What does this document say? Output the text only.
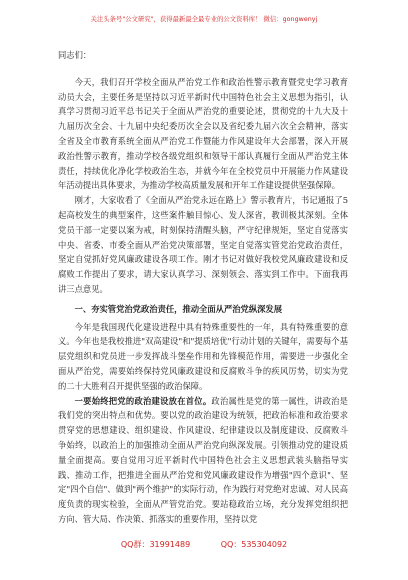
关注头条号"公文研究"，获得最新最全最专业的公文资料库！ 微信：gongwenyj

同志们：

今天，我们召开学校全面从严治党工作和政治性警示教育暨党史学习教育动员大会，主要任务是坚持以习近平新时代中国特色社会主义思想为指引，认真学习贯彻习近平总书记关于全面从严治党的重要论述，贯彻党的十九大及十九届历次全会、十九届中央纪委历次全会以及省纪委九届六次全会精神，落实全省及全市教育系统全面从严治党工作暨能力作风建设年大会部署，深入开展政治性警示教育，推动学校各级党组织和领导干部认真履行全面从严治党主体责任，持续优化净化学校政治生态，并就今年在全校党员中开展能力作风建设年活动提出具体要求，为推动学校高质量发展和开年工作建设提供坚强保障。

刚才，大家收看了《全面从严治党永远在路上》警示教育片，书记通报了5起高校发生的典型案件，这些案件触目惊心、发人深省，教训极其深刻。全体党员干部一定要以案为戒，时刻保持清醒头脑，严守纪律规矩，坚定自觉落实中央、省委、市委全面从严治党决策部署，坚定自觉落实管党治党政治责任，坚定自觉抓好党风廉政建设各项工作。刚才书记对做好我校党风廉政建设和反腐败工作提出了要求，请大家认真学习、深刻领会、落实到工作中。下面我再讲三点意见。

一、夯实管党治党政治责任，推动全面从严治党纵深发展

今年是我国现代化建设进程中具有特殊重要性的一年，具有特殊重要的意义。今年也是我校推进"双高建设"和"提质培优"行动计划的关键年，需要每个基层党组织和党员进一步发挥战斗堡垒作用和先锋模范作用，需要进一步强化全面从严治党，需要始终保持党风廉政建设和反腐败斗争的疾风厉势，切实为党的二十大胜利召开提供坚强的政治保障。

一要始终把党的政治建设放在首位。政治属性是党的第一属性，讲政治是我们党的突出特点和优势。要以党的政治建设为统领，把政治标准和政治要求贯穿党的思想建设、组织建设、作风建设、纪律建设以及制度建设、反腐败斗争始终，以政治上的加强推动全面从严治党向纵深发展。引领推动党的建设质量全面提高。要自觉用习近平新时代中国特色社会主义思想武装头脑指导实践、推动工作，把推进全面从严治党和党风廉政建设作为增强"四个意识"、坚定"四个自信"、做到"两个维护"的实际行动，作为践行对党绝对忠诚、对人民高度负责的现实检验，全面从严管党治党。要站稳政治立场，充分发挥党组织把方向、管大局、作决策、抓落实的重要作用，坚持以党

QQ群：31991489	QQ：535304092
